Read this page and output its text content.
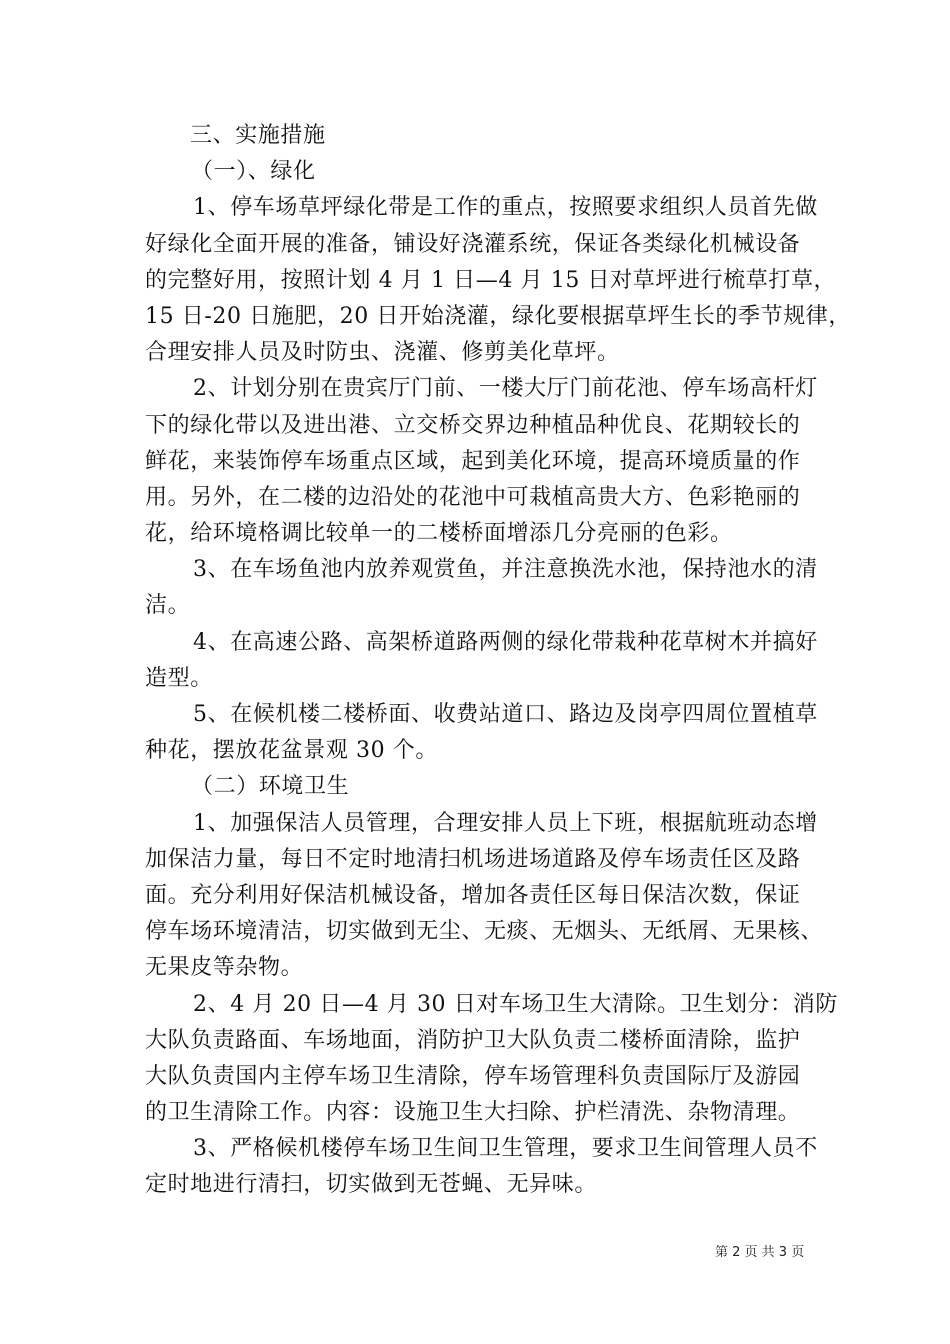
三、实施措施
（一）、绿化
1、停车场草坪绿化带是工作的重点，按照要求组织人员首先做
好绿化全面开展的准备，铺设好浇灌系统，保证各类绿化机械设备
的完整好用，按照计划 4 月 1 日—4 月 15 日对草坪进行梳草打草，
15 日-20 日施肥，20 日开始浇灌，绿化要根据草坪生长的季节规律，
合理安排人员及时防虫、浇灌、修剪美化草坪。
2、计划分别在贵宾厅门前、一楼大厅门前花池、停车场高杆灯
下的绿化带以及进出港、立交桥交界边种植品种优良、花期较长的
鲜花，来装饰停车场重点区域，起到美化环境，提高环境质量的作
用。另外，在二楼的边沿处的花池中可栽植高贵大方、色彩艳丽的
花，给环境格调比较单一的二楼桥面增添几分亮丽的色彩。
3、在车场鱼池内放养观赏鱼，并注意换洗水池，保持池水的清
洁。
4、在高速公路、高架桥道路两侧的绿化带栽种花草树木并搞好
造型。
5、在候机楼二楼桥面、收费站道口、路边及岗亭四周位置植草
种花，摆放花盆景观 30 个。
（二）环境卫生
1、加强保洁人员管理，合理安排人员上下班，根据航班动态增
加保洁力量，每日不定时地清扫机场进场道路及停车场责任区及路
面。充分利用好保洁机械设备，增加各责任区每日保洁次数，保证
停车场环境清洁，切实做到无尘、无痰、无烟头、无纸屑、无果核、
无果皮等杂物。
2、4 月 20 日—4 月 30 日对车场卫生大清除。卫生划分：消防
大队负责路面、车场地面，消防护卫大队负责二楼桥面清除，监护
大队负责国内主停车场卫生清除，停车场管理科负责国际厅及游园
的卫生清除工作。内容：设施卫生大扫除、护栏清洗、杂物清理。
3、严格候机楼停车场卫生间卫生管理，要求卫生间管理人员不
定时地进行清扫，切实做到无苍蝇、无异味。
第 2 页 共 3 页
